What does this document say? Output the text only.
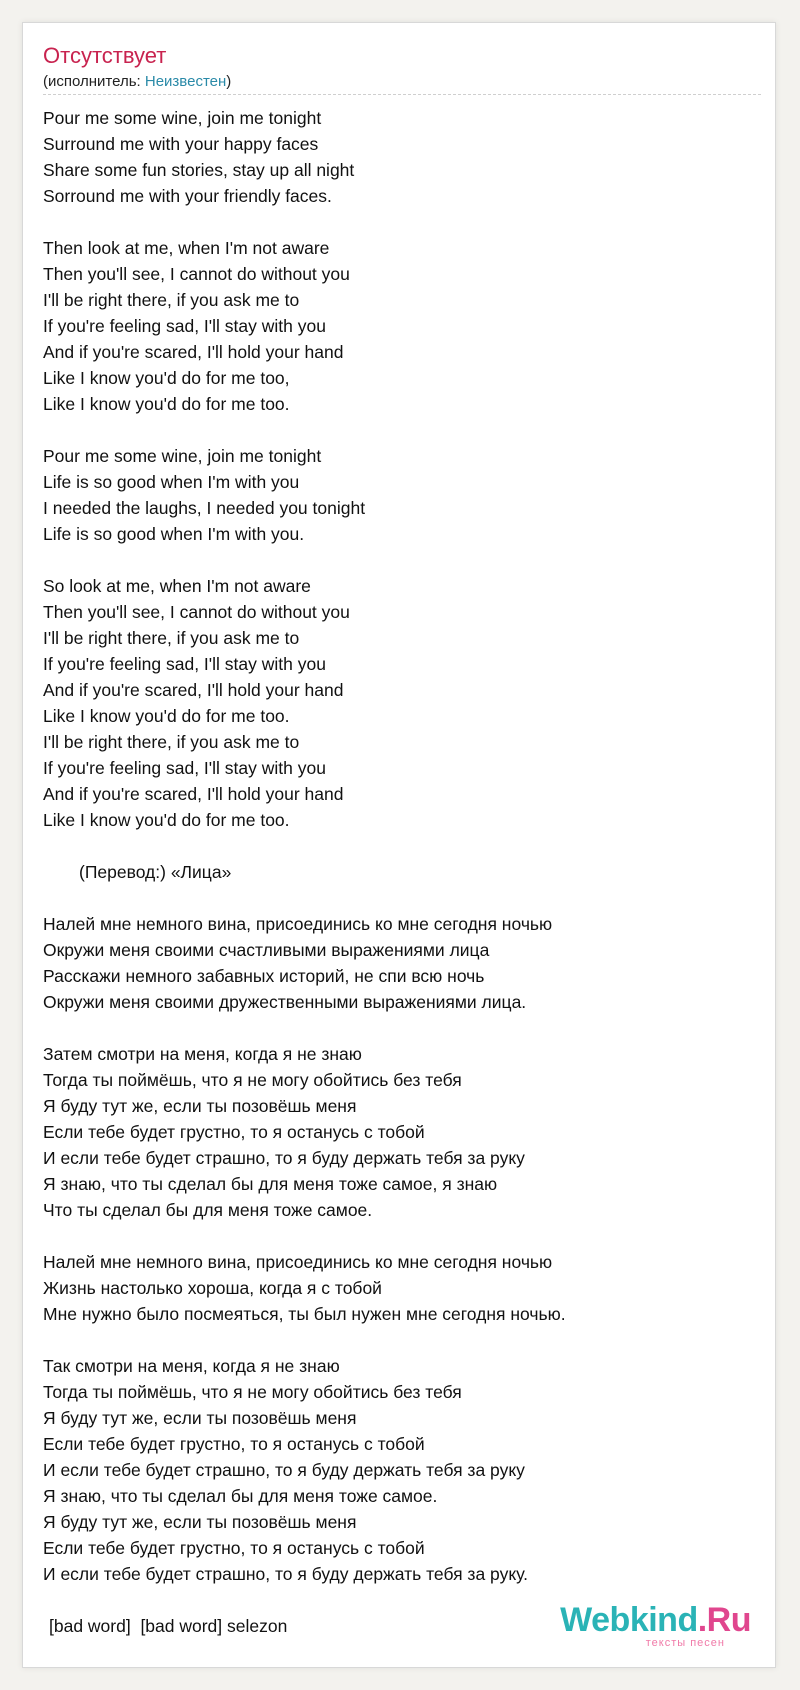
Отсутствует
(исполнитель: Неизвестен)
Pour me some wine, join me tonight
Surround me with your happy faces
Share some fun stories, stay up all night
Sorround me with your friendly faces.
Then look at me, when I'm not aware
Then you'll see, I cannot do without you
I'll be right there, if you ask me to
If you're feeling sad, I'll stay with you
And if you're scared, I'll hold your hand
Like I know you'd do for me too,
Like I know you'd do for me too.
Pour me some wine, join me tonight
Life is so good when I'm with you
I needed the laughs, I needed you tonight
Life is so good when I'm with you.
So look at me, when I'm not aware
Then you'll see, I cannot do without you
I'll be right there, if you ask me to
If you're feeling sad, I'll stay with you
And if you're scared, I'll hold your hand
Like I know you'd do for me too.
I'll be right there, if you ask me to
If you're feeling sad, I'll stay with you
And if you're scared, I'll hold your hand
Like I know you'd do for me too.
(Перевод:) «Лица»
Налей мне немного вина, присоединись ко мне сегодня ночью
Окружи меня своими счастливыми выражениями лица
Расскажи немного забавных историй, не спи всю ночь
Окружи меня своими дружественными выражениями лица.
Затем смотри на меня, когда я не знаю
Тогда ты поймёшь, что я не могу обойтись без тебя
Я буду тут же, если ты позовёшь меня
Если тебе будет грустно, то я останусь с тобой
И если тебе будет страшно, то я буду держать тебя за руку
Я знаю, что ты сделал бы для меня тоже самое, я знаю
Что ты сделал бы для меня тоже самое.
Налей мне немного вина, присоединись ко мне сегодня ночью
Жизнь настолько хороша, когда я с тобой
Мне нужно было посмеяться, ты был нужен мне сегодня ночью.
Так смотри на меня, когда я не знаю
Тогда ты поймёшь, что я не могу обойтись без тебя
Я буду тут же, если ты позовёшь меня
Если тебе будет грустно, то я останусь с тобой
И если тебе будет страшно, то я буду держать тебя за руку
Я знаю, что ты сделал бы для меня тоже самое.
Я буду тут же, если ты позовёшь меня
Если тебе будет грустно, то я останусь с тобой
И если тебе будет страшно, то я буду держать тебя за руку.
[bad word]  [bad word] selezon	Webkind.Ru
тексты песен
